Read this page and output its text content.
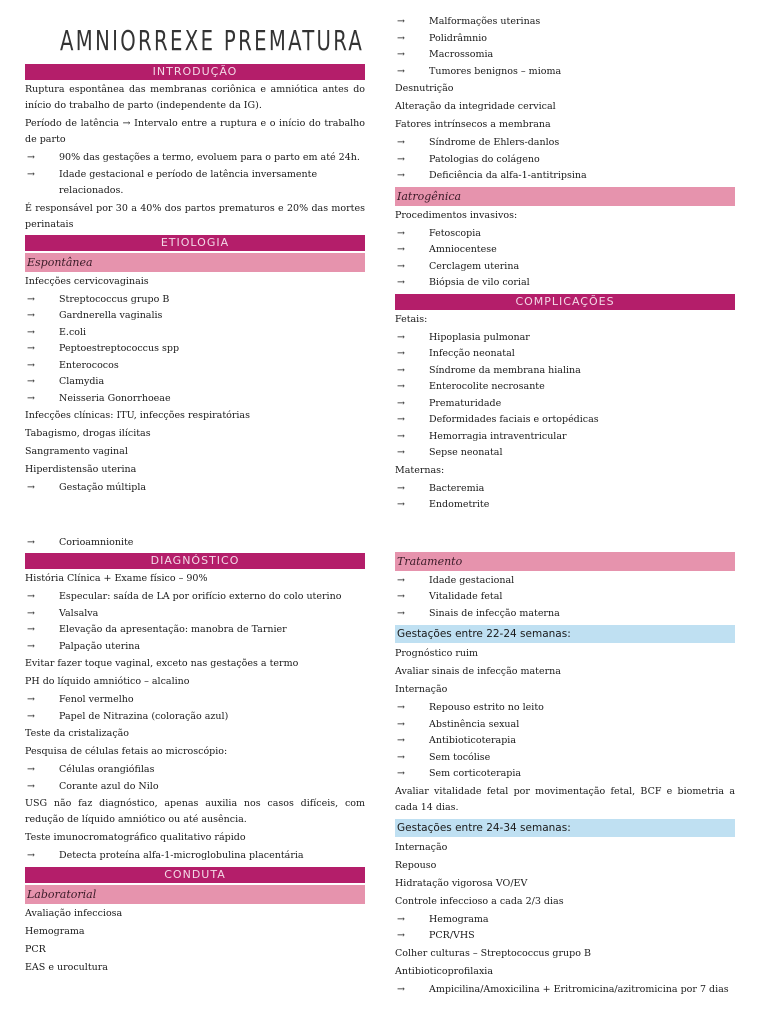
AMNIORREXE PREMATURA
INTRODUÇÃO
Ruptura espontânea das membranas coriônica e amniótica antes do início do trabalho de parto (independente da IG).
Período de latência → Intervalo entre a ruptura e o início do trabalho de parto
→	90% das gestações a termo, evoluem para o parto em até 24h.
→	Idade gestacional e período de latência inversamente relacionados.
É responsável por 30 a 40% dos partos prematuros e 20% das mortes perinatais
ETIOLOGIA
Espontânea
Infecções cervicovaginais
→	Streptococcus grupo B
→	Gardnerella vaginalis
→	E.coli
→	Peptoestreptococcus spp
→	Enterococos
→	Clamydia
→	Neisseria Gonorrhoeae
Infecções clínicas: ITU, infecções respiratórias
Tabagismo, drogas ilícitas
Sangramento vaginal
Hiperdistensão uterina
→	Gestação múltipla
→	Corioamnionite
DIAGNÓSTICO
História Clínica + Exame físico – 90%
→	Especular: saída de LA por orifício externo do colo uterino
→	Valsalva
→	Elevação da apresentação: manobra de Tarnier
→	Palpação uterina
Evitar fazer toque vaginal, exceto nas gestações a termo
PH do líquido amniótico – alcalino
→	Fenol vermelho
→	Papel de Nitrazina (coloração azul)
Teste da cristalização
Pesquisa de células fetais ao microscópio:
→	Células orangiófilas
→	Corante azul do Nilo
USG não faz diagnóstico, apenas auxilia nos casos difíceis, com redução de líquido amniótico ou até ausência.
Teste imunocromatográfico qualitativo rápido
→	Detecta proteína alfa-1-microglobulina placentária
CONDUTA
Laboratorial
Avaliação infecciosa
Hemograma
PCR
EAS e urocultura
→	Malformações uterinas
→	Polidrâmnio
→	Macrossomia
→	Tumores benignos – mioma
Desnutrição
Alteração da integridade cervical
Fatores intrínsecos a membrana
→	Síndrome de Ehlers-danlos
→	Patologias do colágeno
→	Deficiência da alfa-1-antitripsina
Iatrogênica
Procedimentos invasivos:
→	Fetoscopia
→	Amniocentese
→	Cerclagem uterina
→	Biópsia de vilo corial
COMPLICAÇÕES
Fetais:
→	Hipoplasia pulmonar
→	Infecção neonatal
→	Síndrome da membrana hialina
→	Enterocolite necrosante
→	Prematuridade
→	Deformidades faciais e ortopédicas
→	Hemorragia intraventricular
→	Sepse neonatal
Maternas:
→	Bacteremia
→	Endometrite
Tratamento
→	Idade gestacional
→	Vitalidade fetal
→	Sinais de infecção materna
Gestações entre 22-24 semanas:
Prognóstico ruim
Avaliar sinais de infecção materna
Internação
→	Repouso estrito no leito
→	Abstinência sexual
→	Antibioticoterapia
→	Sem tocólise
→	Sem corticoterapia
Avaliar vitalidade fetal por movimentação fetal, BCF e biometria a cada 14 dias.
Gestações entre 24-34 semanas:
Internação
Repouso
Hidratação vigorosa VO/EV
Controle infeccioso a cada 2/3 dias
→	Hemograma
→	PCR/VHS
Colher culturas – Streptococcus grupo B
Antibioticoprofilaxia
→	Ampicilina/Amoxicilina + Eritromicina/azitromicina por 7 dias
